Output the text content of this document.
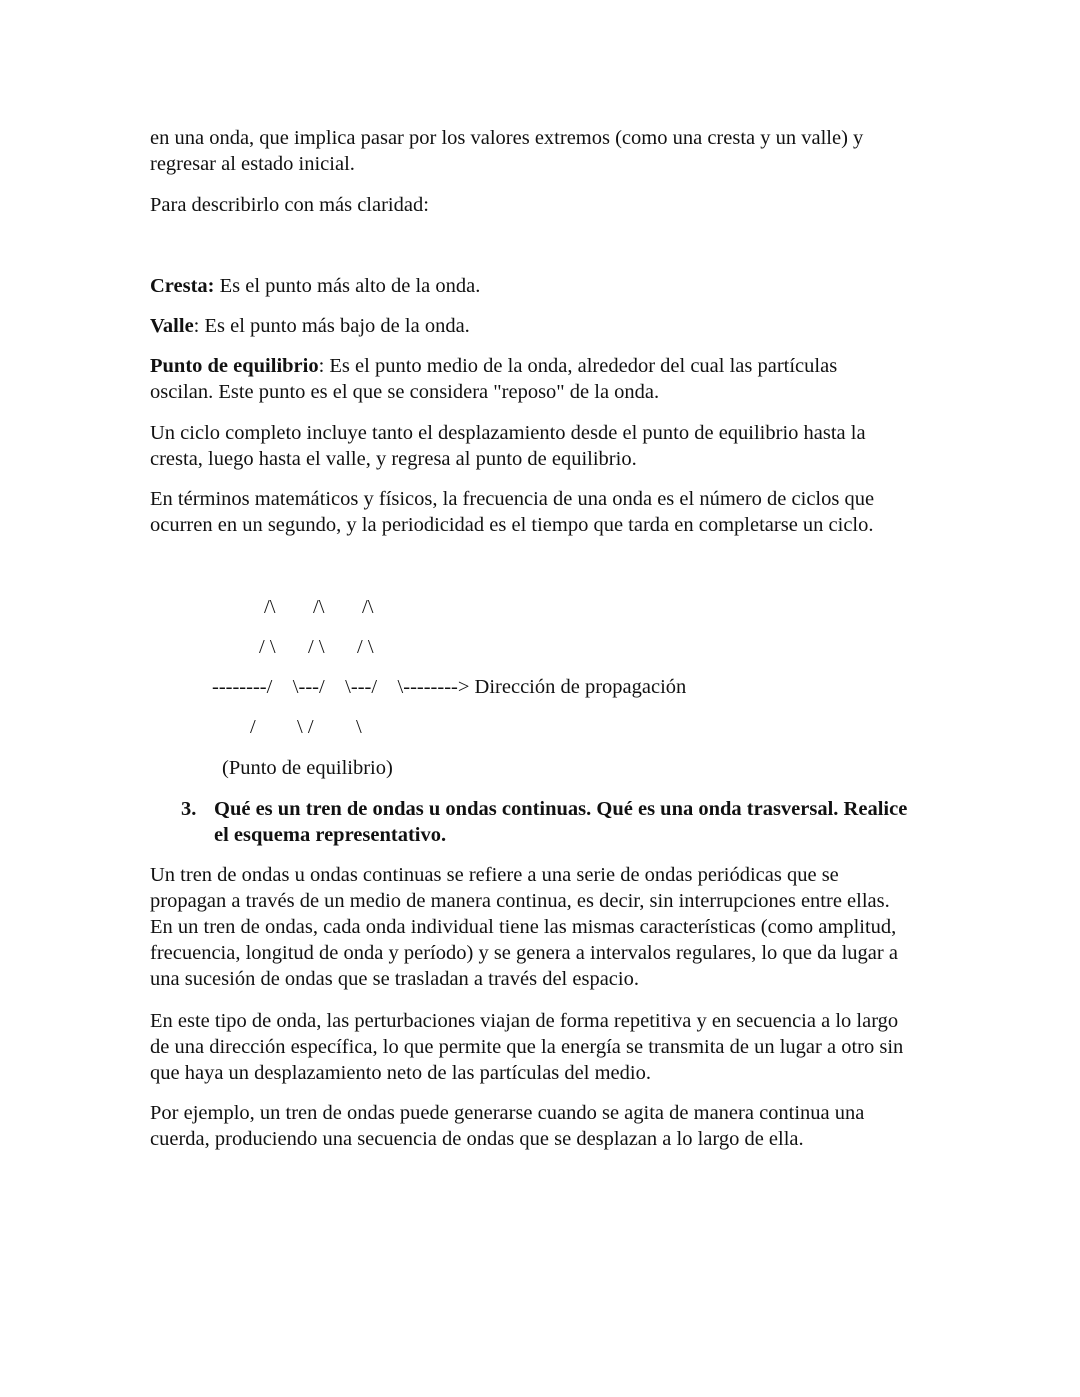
en una onda, que implica pasar por los valores extremos (como una cresta y un valle) y
regresar al estado inicial.
Para describirlo con más claridad:
Cresta: Es el punto más alto de la onda.
Valle: Es el punto más bajo de la onda.
Punto de equilibrio: Es el punto medio de la onda, alrededor del cual las partículas
oscilan. Este punto es el que se considera "reposo" de la onda.
Un ciclo completo incluye tanto el desplazamiento desde el punto de equilibrio hasta la
cresta, luego hasta el valle, y regresa al punto de equilibrio.
En términos matemáticos y físicos, la frecuencia de una onda es el número de ciclos que
ocurren en un segundo, y la periodicidad es el tiempo que tarda en completarse un ciclo.
/\ /\ /\
/ \ / \ / \
--------/    \---/    \---/    \--------> Dirección de propagación
/ \ / \
(Punto de equilibrio)
3. Qué es un tren de ondas u ondas continuas. Qué es una onda trasversal. Realice
el esquema representativo.
Un tren de ondas u ondas continuas se refiere a una serie de ondas periódicas que se
propagan a través de un medio de manera continua, es decir, sin interrupciones entre ellas.
En un tren de ondas, cada onda individual tiene las mismas características (como amplitud,
frecuencia, longitud de onda y período) y se genera a intervalos regulares, lo que da lugar a
una sucesión de ondas que se trasladan a través del espacio.
En este tipo de onda, las perturbaciones viajan de forma repetitiva y en secuencia a lo largo
de una dirección específica, lo que permite que la energía se transmita de un lugar a otro sin
que haya un desplazamiento neto de las partículas del medio.
Por ejemplo, un tren de ondas puede generarse cuando se agita de manera continua una
cuerda, produciendo una secuencia de ondas que se desplazan a lo largo de ella.
